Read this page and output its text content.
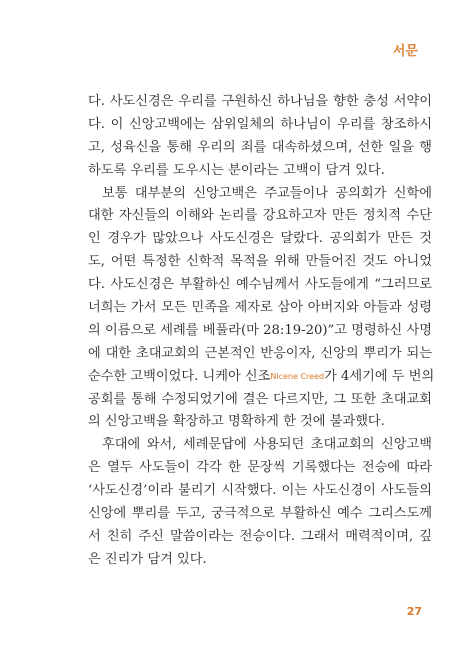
서문
다. 사도신경은 우리를 구원하신 하나님을 향한 충성 서약이
다. 이 신앙고백에는 삼위일체의 하나님이 우리를 창조하시
고, 성육신을 통해 우리의 죄를 대속하셨으며, 선한 일을 행
하도록 우리를 도우시는 분이라는 고백이 담겨 있다.
보통 대부분의 신앙고백은 주교들이나 공의회가 신학에
대한 자신들의 이해와 논리를 강요하고자 만든 정치적 수단
인 경우가 많았으나 사도신경은 달랐다. 공의회가 만든 것
도, 어떤 특정한 신학적 목적을 위해 만들어진 것도 아니었
다. 사도신경은 부활하신 예수님께서 사도들에게 “그러므로
너희는 가서 모든 민족을 제자로 삼아 아버지와 아들과 성령
의 이름으로 세례를 베풀라(마 28:19-20)”고 명령하신 사명
에 대한 초대교회의 근본적인 반응이자, 신앙의 뿌리가 되는
순수한 고백이었다. 니케아 신조Nicene Creed가 4세기에 두 번의
공회를 통해 수정되었기에 결은 다르지만, 그 또한 초대교회
의 신앙고백을 확장하고 명확하게 한 것에 불과했다.
후대에 와서, 세례문답에 사용되던 초대교회의 신앙고백
은 열두 사도들이 각각 한 문장씩 기록했다는 전승에 따라
‘사도신경’이라 불리기 시작했다. 이는 사도신경이 사도들의
신앙에 뿌리를 두고, 궁극적으로 부활하신 예수 그리스도께
서 친히 주신 말씀이라는 전승이다. 그래서 매력적이며, 깊
은 진리가 담겨 있다.
27
